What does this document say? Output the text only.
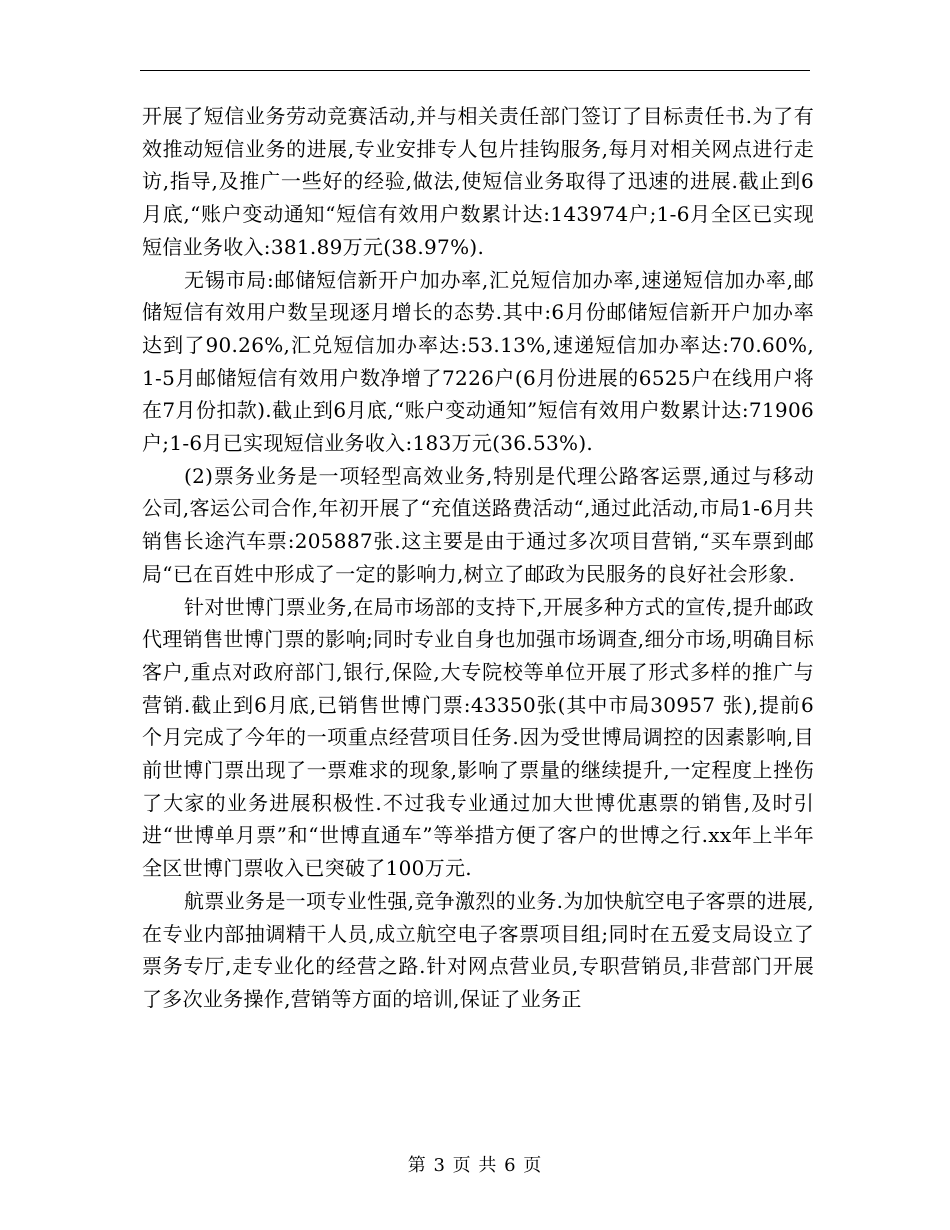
开展了短信业务劳动竞赛活动,并与相关责任部门签订了目标责任书.为了有效推动短信业务的进展,专业安排专人包片挂钩服务,每月对相关网点进行走访,指导,及推广一些好的经验,做法,使短信业务取得了迅速的进展.截止到6月底,“账户变动通知“短信有效用户数累计达:143974户;1-6月全区已实现短信业务收入:381.89万元(38.97%).

无锡市局:邮储短信新开户加办率,汇兑短信加办率,速递短信加办率,邮储短信有效用户数呈现逐月增长的态势.其中:6月份邮储短信新开户加办率达到了90.26%,汇兑短信加办率达:53.13%,速递短信加办率达:70.60%, 1-5月邮储短信有效用户数净增了7226户(6月份进展的6525户在线用户将在7月份扣款).截止到6月底,“账户变动通知”短信有效用户数累计达:71906户;1-6月已实现短信业务收入:183万元(36.53%).

(2)票务业务是一项轻型高效业务,特别是代理公路客运票,通过与移动公司,客运公司合作,年初开展了“充值送路费活动“,通过此活动,市局1-6月共销售长途汽车票:205887张.这主要是由于通过多次项目营销,“买车票到邮局“已在百姓中形成了一定的影响力,树立了邮政为民服务的良好社会形象.

针对世博门票业务,在局市场部的支持下,开展多种方式的宣传,提升邮政代理销售世博门票的影响;同时专业自身也加强市场调查,细分市场,明确目标客户,重点对政府部门,银行,保险,大专院校等单位开展了形式多样的推广与营销.截止到6月底,已销售世博门票:43350张(其中市局30957 张),提前6个月完成了今年的一项重点经营项目任务.因为受世博局调控的因素影响,目前世博门票出现了一票难求的现象,影响了票量的继续提升,一定程度上挫伤了大家的业务进展积极性.不过我专业通过加大世博优惠票的销售,及时引进“世博单月票”和“世博直通车”等举措方便了客户的世博之行.xx年上半年全区世博门票收入已突破了100万元.

航票业务是一项专业性强,竞争激烈的业务.为加快航空电子客票的进展,在专业内部抽调精干人员,成立航空电子客票项目组;同时在五爱支局设立了票务专厅,走专业化的经营之路.针对网点营业员,专职营销员,非营部门开展了多次业务操作,营销等方面的培训,保证了业务正

第 3 页 共 6 页
